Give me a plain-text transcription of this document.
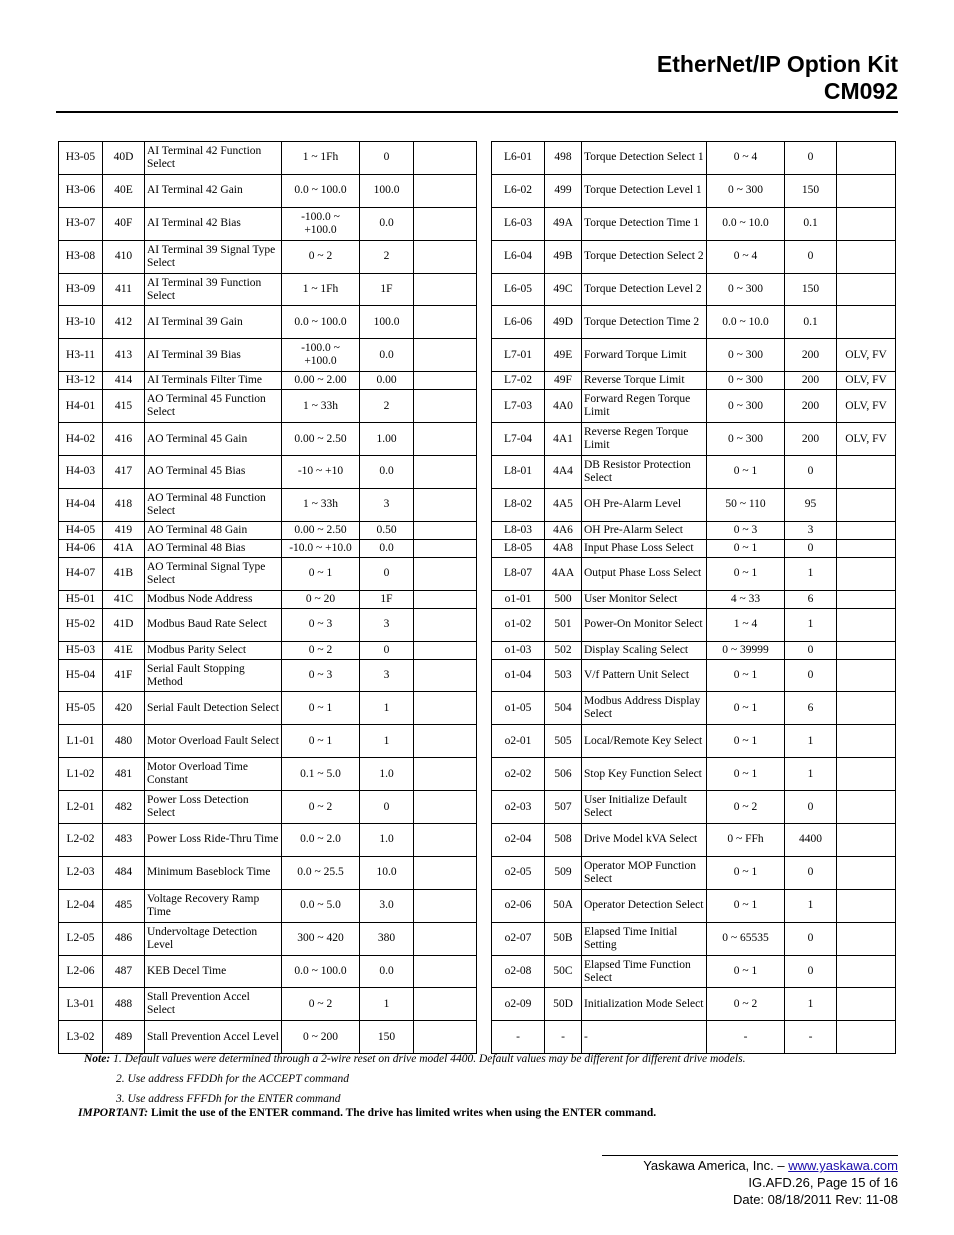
EtherNet/IP Option Kit
CM092
H3-05	40D	AI Terminal 42 Function Select	1 ~ 1Fh	0	
H3-06	40E	AI Terminal 42 Gain	0.0 ~ 100.0	100.0	
H3-07	40F	AI Terminal 42 Bias	-100.0 ~ +100.0	0.0	
H3-08	410	AI Terminal 39 Signal Type Select	0 ~ 2	2	
H3-09	411	AI Terminal 39 Function Select	1 ~ 1Fh	1F	
H3-10	412	AI Terminal 39 Gain	0.0 ~ 100.0	100.0	
H3-11	413	AI Terminal 39 Bias	-100.0 ~ +100.0	0.0	
H3-12	414	AI Terminals Filter Time	0.00 ~ 2.00	0.00	
H4-01	415	AO Terminal 45 Function Select	1 ~ 33h	2	
H4-02	416	AO Terminal 45 Gain	0.00 ~ 2.50	1.00	
H4-03	417	AO Terminal 45 Bias	-10 ~ +10	0.0	
H4-04	418	AO Terminal 48 Function Select	1 ~ 33h	3	
H4-05	419	AO Terminal 48 Gain	0.00 ~ 2.50	0.50	
H4-06	41A	AO Terminal 48 Bias	-10.0 ~ +10.0	0.0	
H4-07	41B	AO Terminal Signal Type Select	0 ~ 1	0	
H5-01	41C	Modbus Node Address	0 ~ 20	1F	
H5-02	41D	Modbus Baud Rate Select	0 ~ 3	3	
H5-03	41E	Modbus Parity Select	0 ~ 2	0	
H5-04	41F	Serial Fault Stopping Method	0 ~ 3	3	
H5-05	420	Serial Fault Detection Select	0 ~ 1	1	
L1-01	480	Motor Overload Fault Select	0 ~ 1	1	
L1-02	481	Motor Overload Time Constant	0.1 ~ 5.0	1.0	
L2-01	482	Power Loss Detection Select	0 ~ 2	0	
L2-02	483	Power Loss Ride-Thru Time	0.0 ~ 2.0	1.0	
L2-03	484	Minimum Baseblock Time	0.0 ~ 25.5	10.0	
L2-04	485	Voltage Recovery Ramp Time	0.0 ~ 5.0	3.0	
L2-05	486	Undervoltage Detection Level	300 ~ 420	380	
L2-06	487	KEB Decel Time	0.0 ~ 100.0	0.0	
L3-01	488	Stall Prevention Accel Select	0 ~ 2	1	
L3-02	489	Stall Prevention Accel Level	0 ~ 200	150	
L6-01	498	Torque Detection Select 1	0 ~ 4	0	
L6-02	499	Torque Detection Level 1	0 ~ 300	150	
L6-03	49A	Torque Detection Time 1	0.0 ~ 10.0	0.1	
L6-04	49B	Torque Detection Select 2	0 ~ 4	0	
L6-05	49C	Torque Detection Level 2	0 ~ 300	150	
L6-06	49D	Torque Detection Time 2	0.0 ~ 10.0	0.1	
L7-01	49E	Forward Torque Limit	0 ~ 300	200	OLV, FV
L7-02	49F	Reverse Torque Limit	0 ~ 300	200	OLV, FV
L7-03	4A0	Forward Regen Torque Limit	0 ~ 300	200	OLV, FV
L7-04	4A1	Reverse Regen Torque Limit	0 ~ 300	200	OLV, FV
L8-01	4A4	DB Resistor Protection Select	0 ~ 1	0	
L8-02	4A5	OH Pre-Alarm Level	50 ~ 110	95	
L8-03	4A6	OH Pre-Alarm Select	0 ~ 3	3	
L8-05	4A8	Input Phase Loss Select	0 ~ 1	0	
L8-07	4AA	Output Phase Loss Select	0 ~ 1	1	
o1-01	500	User Monitor Select	4 ~ 33	6	
o1-02	501	Power-On Monitor Select	1 ~ 4	1	
o1-03	502	Display Scaling Select	0 ~ 39999	0	
o1-04	503	V/f Pattern Unit Select	0 ~ 1	0	
o1-05	504	Modbus Address Display Select	0 ~ 1	6	
o2-01	505	Local/Remote Key Select	0 ~ 1	1	
o2-02	506	Stop Key Function Select	0 ~ 1	1	
o2-03	507	User Initialize Default Select	0 ~ 2	0	
o2-04	508	Drive Model kVA Select	0 ~ FFh	4400	
o2-05	509	Operator MOP Function Select	0 ~ 1	0	
o2-06	50A	Operator Detection Select	0 ~ 1	1	
o2-07	50B	Elapsed Time Initial Setting	0 ~ 65535	0	
o2-08	50C	Elapsed Time Function Select	0 ~ 1	0	
o2-09	50D	Initialization Mode Select	0 ~ 2	1	
-	-	-	-	-	
Note: 1. Default values were determined through a 2-wire reset on drive model 4400. Default values may be different for different drive models.
2. Use address FFDDh for the ACCEPT command
3. Use address FFFDh for the ENTER command
IMPORTANT: Limit the use of the ENTER command. The drive has limited writes when using the ENTER command.
Yaskawa America, Inc. – www.yaskawa.com
IG.AFD.26, Page 15 of 16
Date: 08/18/2011 Rev: 11-08
